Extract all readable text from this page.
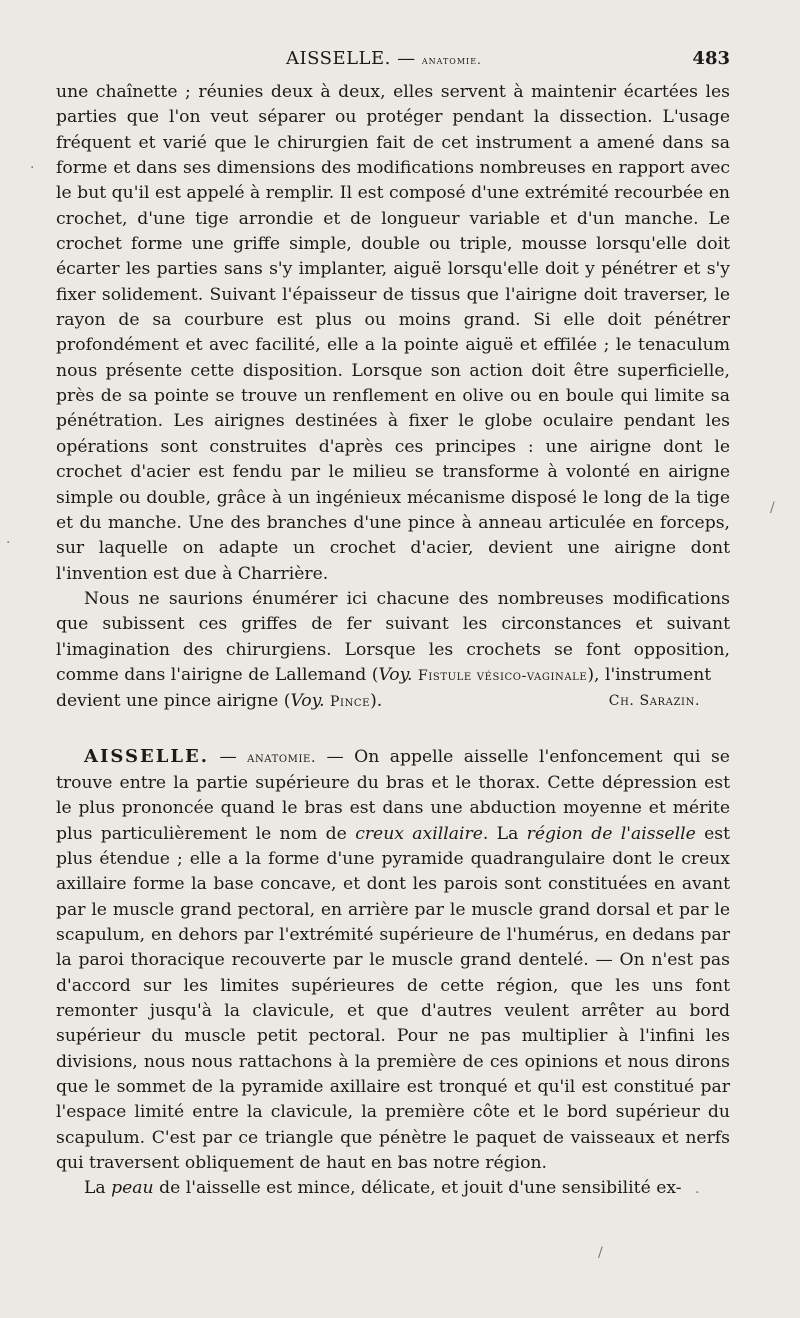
AISSELLE. — anatomie.	483

une chaînette ; réunies deux à deux, elles servent à maintenir écartées les parties que l'on veut séparer ou protéger pendant la dissection. L'usage fréquent et varié que le chirurgien fait de cet instrument a amené dans sa forme et dans ses dimensions des modifications nombreuses en rapport avec le but qu'il est appelé à remplir. Il est composé d'une extrémité recourbée en crochet, d'une tige arrondie et de longueur variable et d'un manche. Le crochet forme une griffe simple, double ou triple, mousse lorsqu'elle doit écarter les parties sans s'y implanter, aiguë lorsqu'elle doit y pénétrer et s'y fixer solidement. Suivant l'épaisseur de tissus que l'airigne doit traverser, le rayon de sa courbure est plus ou moins grand. Si elle doit pénétrer profondément et avec facilité, elle a la pointe aiguë et effilée ; le tenaculum nous présente cette disposition. Lorsque son action doit être superficielle, près de sa pointe se trouve un renflement en olive ou en boule qui limite sa pénétration. Les airignes destinées à fixer le globe oculaire pendant les opérations sont construites d'après ces principes : une airigne dont le crochet d'acier est fendu par le milieu se transforme à volonté en airigne simple ou double, grâce à un ingénieux mécanisme disposé le long de la tige et du manche. Une des branches d'une pince à anneau articulée en forceps, sur laquelle on adapte un crochet d'acier, devient une airigne dont l'invention est due à Charrière.

Nous ne saurions énumérer ici chacune des nombreuses modifications que subissent ces griffes de fer suivant les circonstances et suivant l'imagination des chirurgiens. Lorsque les crochets se font opposition, comme dans l'airigne de Lallemand (Voy. Fistule vésico-vaginale), l'instrument

devient une pince airigne (Voy. Pince).	Ch. Sarazin.

AISSELLE. — anatomie. — On appelle aisselle l'enfoncement qui se trouve entre la partie supérieure du bras et le thorax. Cette dépression est le plus prononcée quand le bras est dans une abduction moyenne et mérite plus particulièrement le nom de creux axillaire. La région de l'aisselle est plus étendue ; elle a la forme d'une pyramide quadrangulaire dont le creux axillaire forme la base concave, et dont les parois sont constituées en avant par le muscle grand pectoral, en arrière par le muscle grand dorsal et par le scapulum, en dehors par l'extrémité supérieure de l'humérus, en dedans par la paroi thoracique recouverte par le muscle grand dentelé. — On n'est pas d'accord sur les limites supérieures de cette région, que les uns font remonter jusqu'à la clavicule, et que d'autres veulent arrêter au bord supérieur du muscle petit pectoral. Pour ne pas multiplier à l'infini les divisions, nous nous rattachons à la première de ces opinions et nous dirons que le sommet de la pyramide axillaire est tronqué et qu'il est constitué par l'espace limité entre la clavicule, la première côte et le bord supérieur du scapulum. C'est par ce triangle que pénètre le paquet de vaisseaux et nerfs qui traversent obliquement de haut en bas notre région.

La peau de l'aisselle est mince, délicate, et jouit d'une sensibilité ex-

·
/
·
·
/
